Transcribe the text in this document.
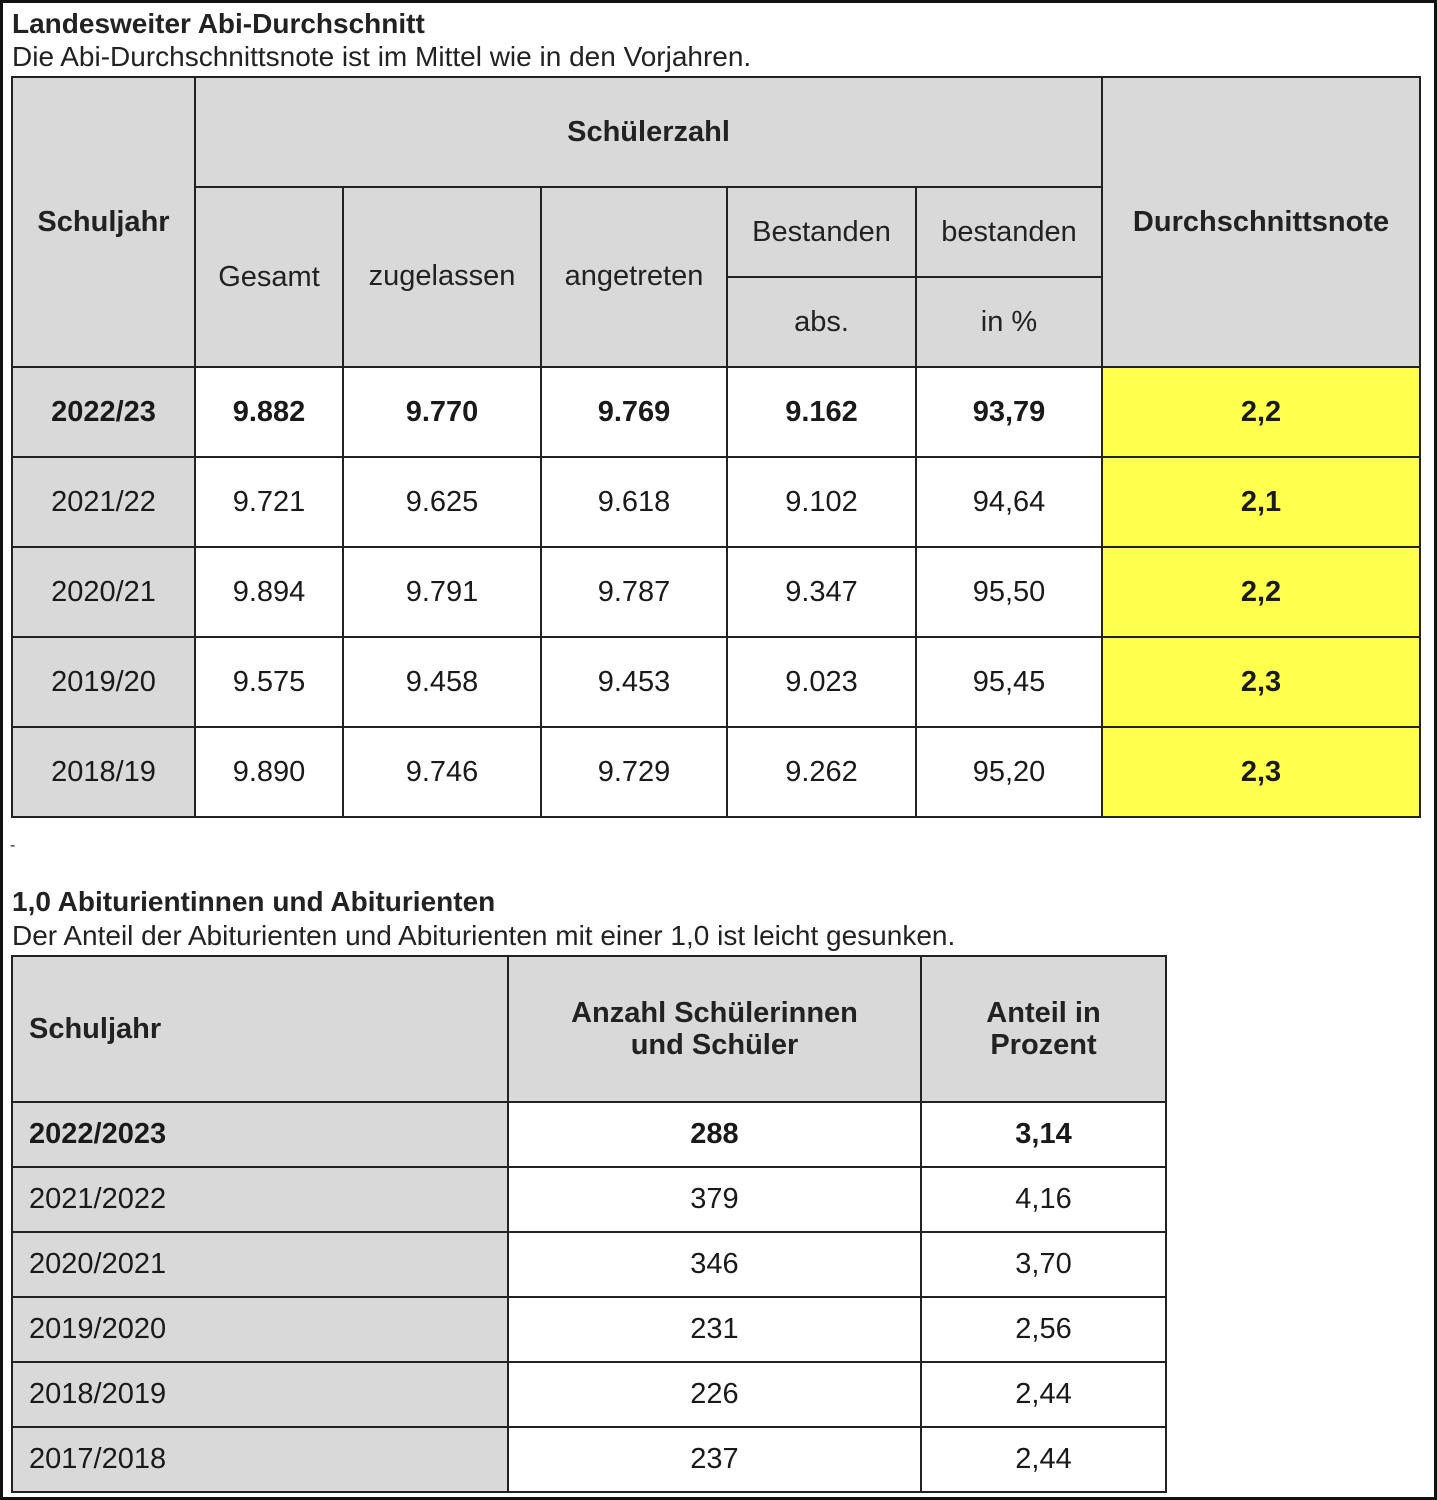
Landesweiter Abi-Durchschnitt
Die Abi-Durchschnittsnote ist im Mittel wie in den Vorjahren.
Schuljahr	Schülerzahl					Durchschnittsnote
	Gesamt	zugelassen	angetreten	Bestanden	bestanden	
				abs.	in %	
2022/23	9.882	9.770	9.769	9.162	93,79	2,2
2021/22	9.721	9.625	9.618	9.102	94,64	2,1
2020/21	9.894	9.791	9.787	9.347	95,50	2,2
2019/20	9.575	9.458	9.453	9.023	95,45	2,3
2018/19	9.890	9.746	9.729	9.262	95,20	2,3
-
1,0 Abiturientinnen und Abiturienten
Der Anteil der Abiturienten und Abiturienten mit einer 1,0 ist leicht gesunken.
Schuljahr	Anzahl Schülerinnen und Schüler	Anteil in Prozent
2022/2023	288	3,14
2021/2022	379	4,16
2020/2021	346	3,70
2019/2020	231	2,56
2018/2019	226	2,44
2017/2018	237	2,44
